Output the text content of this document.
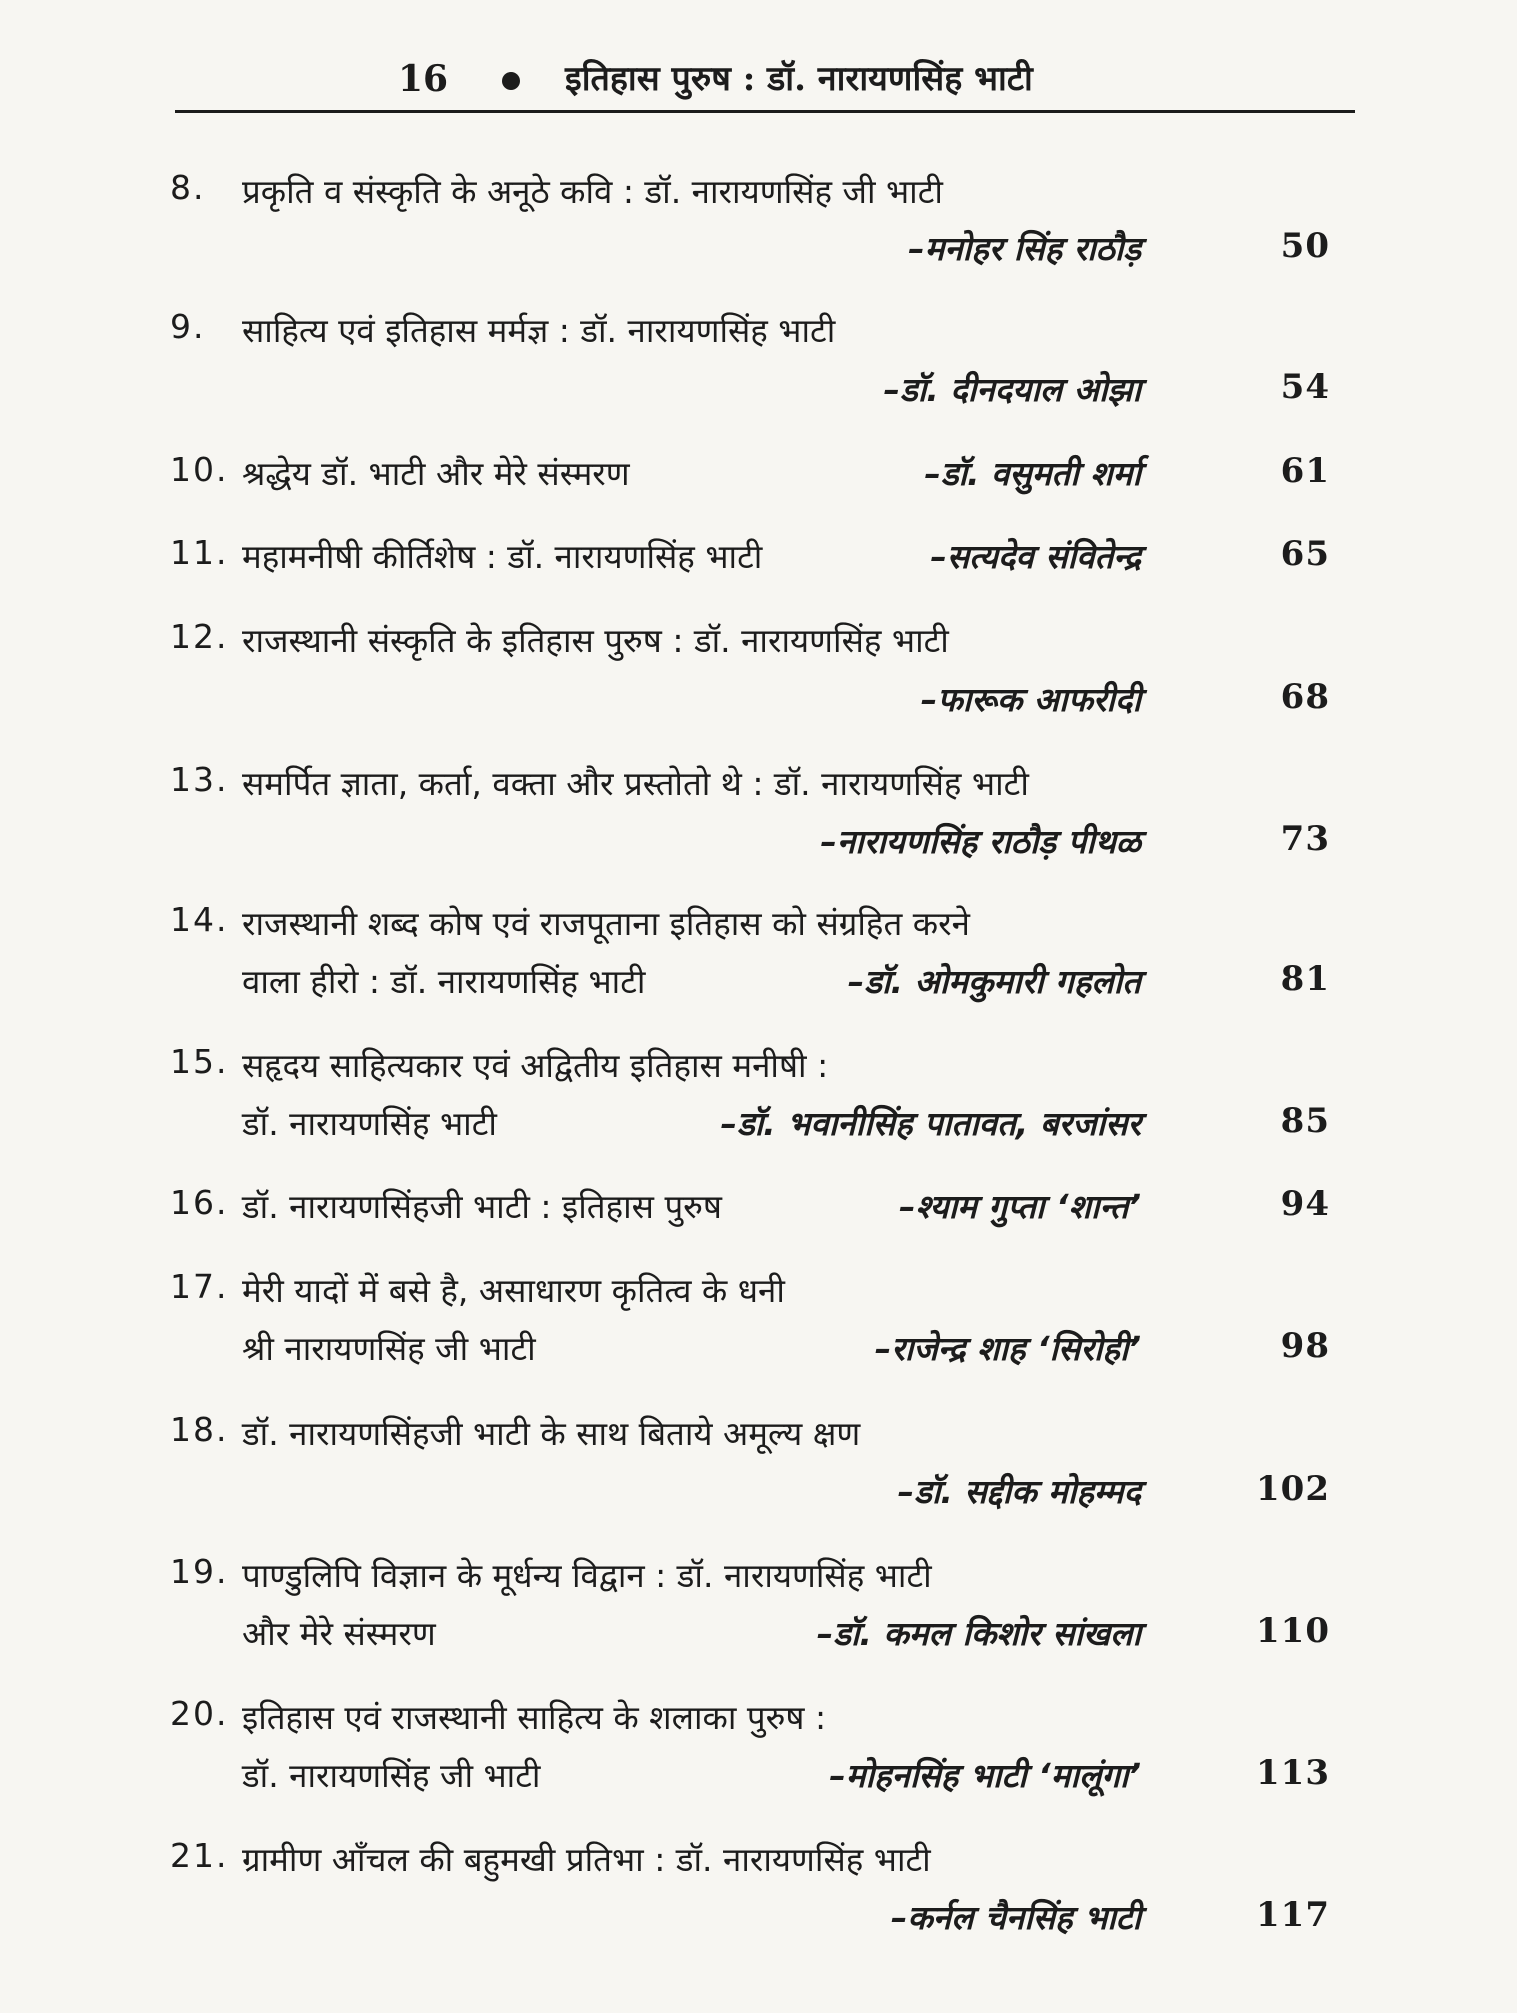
16	इतिहास पुरुष : डॉ. नारायणसिंह भाटी
8. प्रकृति व संस्कृति के अनूठे कवि : डॉ. नारायणसिंह जी भाटी
–मनोहर सिंह राठौड़	50
9. साहित्य एवं इतिहास मर्मज्ञ : डॉ. नारायणसिंह भाटी
–डॉ. दीनदयाल ओझा	54
10. श्रद्धेय डॉ. भाटी और मेरे संस्मरण	–डॉ. वसुमती शर्मा	61
11. महामनीषी कीर्तिशेष : डॉ. नारायणसिंह भाटी	–सत्यदेव संवितेन्द्र	65
12. राजस्थानी संस्कृति के इतिहास पुरुष : डॉ. नारायणसिंह भाटी
–फारूक आफरीदी	68
13. समर्पित ज्ञाता, कर्ता, वक्ता और प्रस्तोतो थे : डॉ. नारायणसिंह भाटी
–नारायणसिंह राठौड़ पीथळ	73
14. राजस्थानी शब्द कोष एवं राजपूताना इतिहास को संग्रहित करने
वाला हीरो : डॉ. नारायणसिंह भाटी	–डॉ. ओमकुमारी गहलोत	81
15. सहृदय साहित्यकार एवं अद्वितीय इतिहास मनीषी :
डॉ. नारायणसिंह भाटी	–डॉ. भवानीसिंह पातावत, बरजांसर	85
16. डॉ. नारायणसिंहजी भाटी : इतिहास पुरुष	–श्याम गुप्ता ‘शान्त’	94
17. मेरी यादों में बसे है, असाधारण कृतित्व के धनी
श्री नारायणसिंह जी भाटी	–राजेन्द्र शाह ‘सिरोही’	98
18. डॉ. नारायणसिंहजी भाटी के साथ बिताये अमूल्य क्षण
–डॉ. सद्दीक मोहम्मद	102
19. पाण्डुलिपि विज्ञान के मूर्धन्य विद्वान : डॉ. नारायणसिंह भाटी
और मेरे संस्मरण	–डॉ. कमल किशोर सांखला	110
20. इतिहास एवं राजस्थानी साहित्य के शलाका पुरुष :
डॉ. नारायणसिंह जी भाटी	–मोहनसिंह भाटी ‘मालूंगा’	113
21. ग्रामीण आँचल की बहुमखी प्रतिभा : डॉ. नारायणसिंह भाटी
–कर्नल चैनसिंह भाटी	117
